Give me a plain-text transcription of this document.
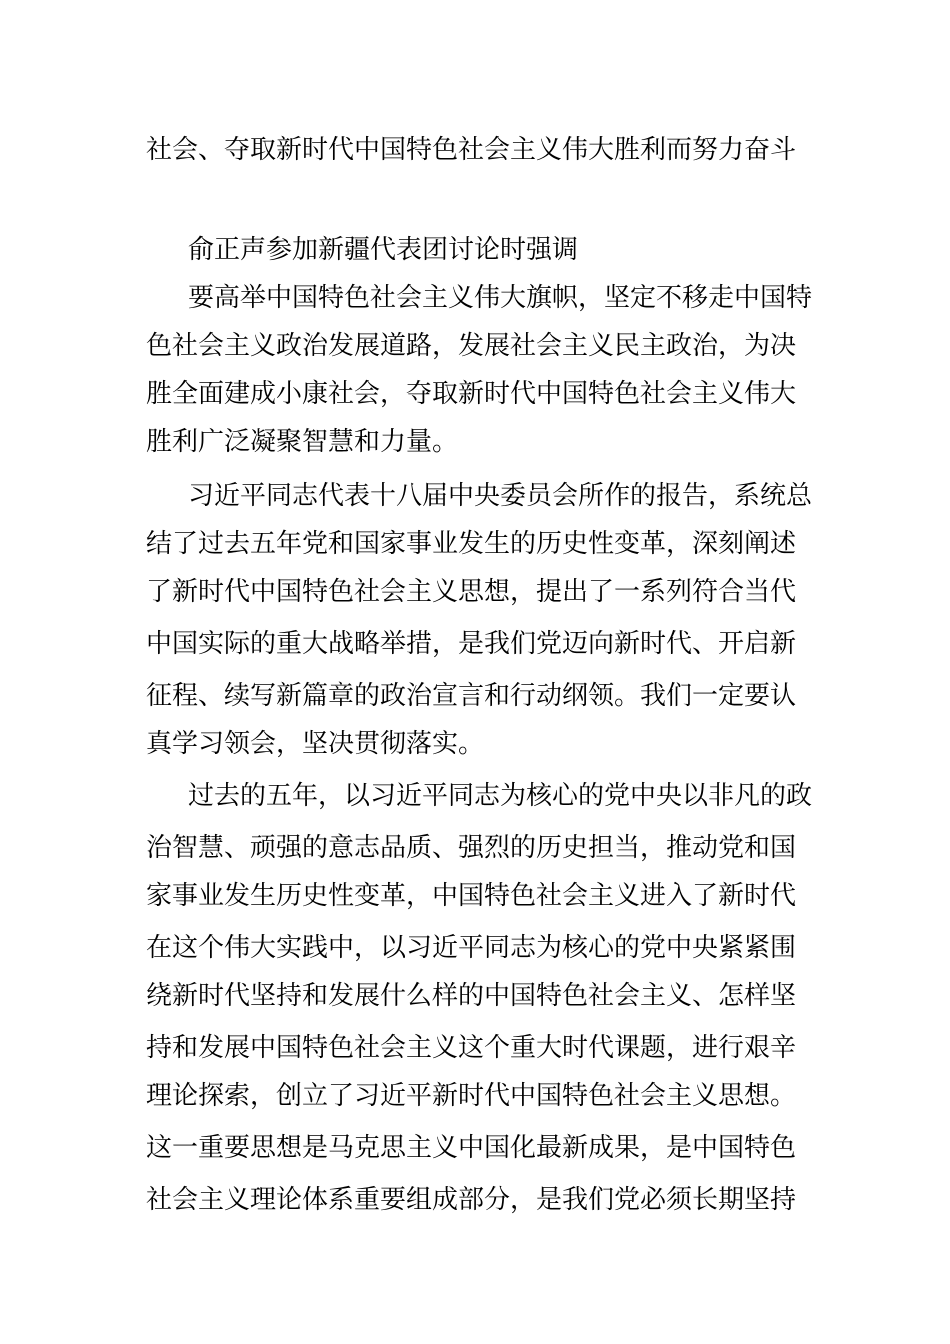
社会、夺取新时代中国特色社会主义伟大胜利而努力奋斗
俞正声参加新疆代表团讨论时强调
要高举中国特色社会主义伟大旗帜，坚定不移走中国特
色社会主义政治发展道路，发展社会主义民主政治，为决
胜全面建成小康社会，夺取新时代中国特色社会主义伟大
胜利广泛凝聚智慧和力量。
习近平同志代表十八届中央委员会所作的报告，系统总
结了过去五年党和国家事业发生的历史性变革，深刻阐述
了新时代中国特色社会主义思想，提出了一系列符合当代
中国实际的重大战略举措，是我们党迈向新时代、开启新
征程、续写新篇章的政治宣言和行动纲领。我们一定要认
真学习领会，坚决贯彻落实。
过去的五年，以习近平同志为核心的党中央以非凡的政
治智慧、顽强的意志品质、强烈的历史担当，推动党和国
家事业发生历史性变革，中国特色社会主义进入了新时代
在这个伟大实践中，以习近平同志为核心的党中央紧紧围
绕新时代坚持和发展什么样的中国特色社会主义、怎样坚
持和发展中国特色社会主义这个重大时代课题，进行艰辛
理论探索，创立了习近平新时代中国特色社会主义思想。
这一重要思想是马克思主义中国化最新成果，是中国特色
社会主义理论体系重要组成部分，是我们党必须长期坚持
